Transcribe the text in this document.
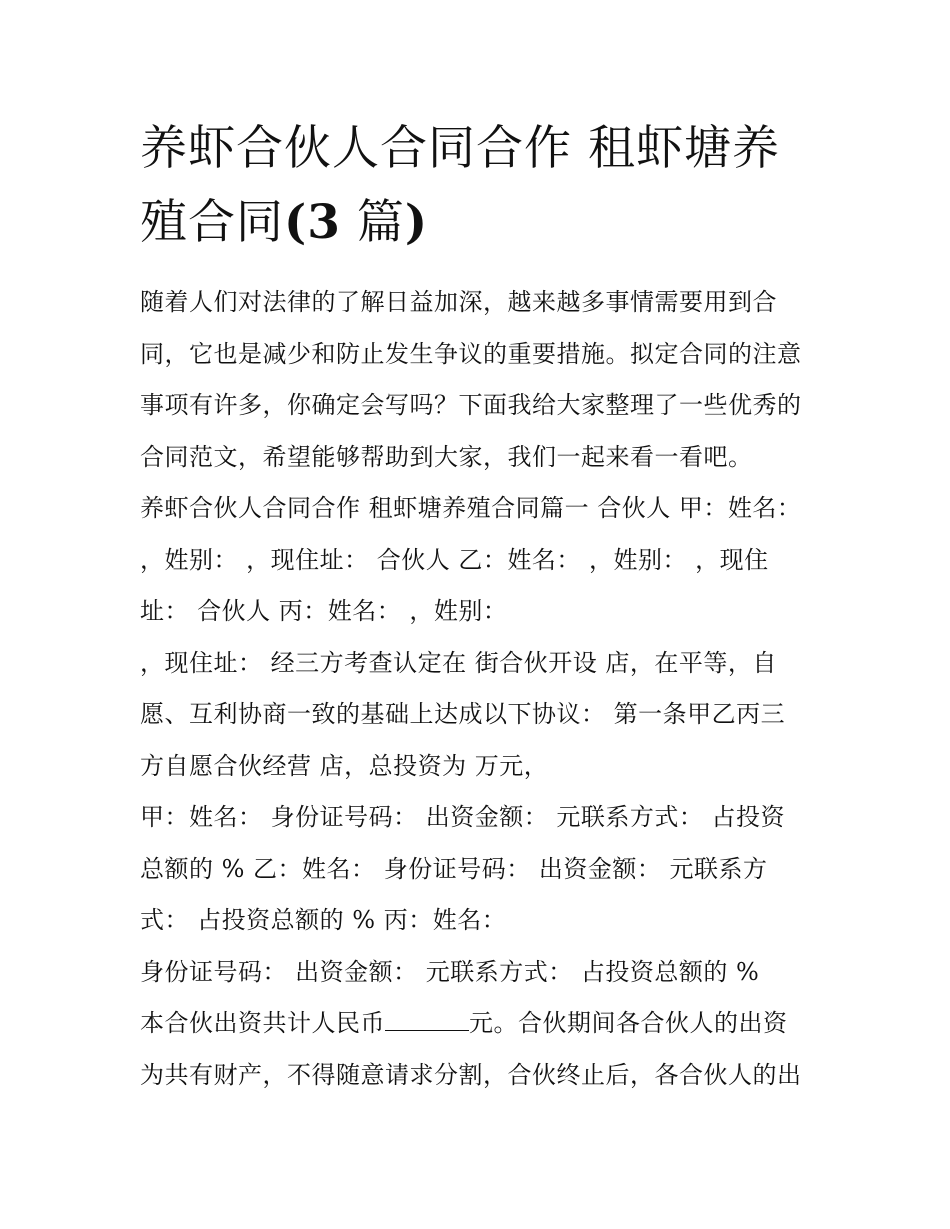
养虾合伙人合同合作 租虾塘养
殖合同(3 篇)
随着人们对法律的了解日益加深，越来越多事情需要用到合
同，它也是减少和防止发生争议的重要措施。拟定合同的注意
事项有许多，你确定会写吗？下面我给大家整理了一些优秀的
合同范文，希望能够帮助到大家，我们一起来看一看吧。
养虾合伙人合同合作 租虾塘养殖合同篇一 合伙人 甲：姓名：
，姓别： ，现住址： 合伙人 乙：姓名： ，姓别： ，现住
址： 合伙人 丙：姓名： ，姓别：
，现住址： 经三方考查认定在 街合伙开设 店，在平等，自
愿、互利协商一致的基础上达成以下协议： 第一条甲乙丙三
方自愿合伙经营 店，总投资为 万元，
甲：姓名： 身份证号码： 出资金额： 元联系方式： 占投资
总额的 % 乙：姓名： 身份证号码： 出资金额： 元联系方
式： 占投资总额的 % 丙：姓名：
身份证号码： 出资金额： 元联系方式： 占投资总额的 %
本合伙出资共计人民币	元。合伙期间各合伙人的出资
为共有财产，不得随意请求分割，合伙终止后，各合伙人的出
